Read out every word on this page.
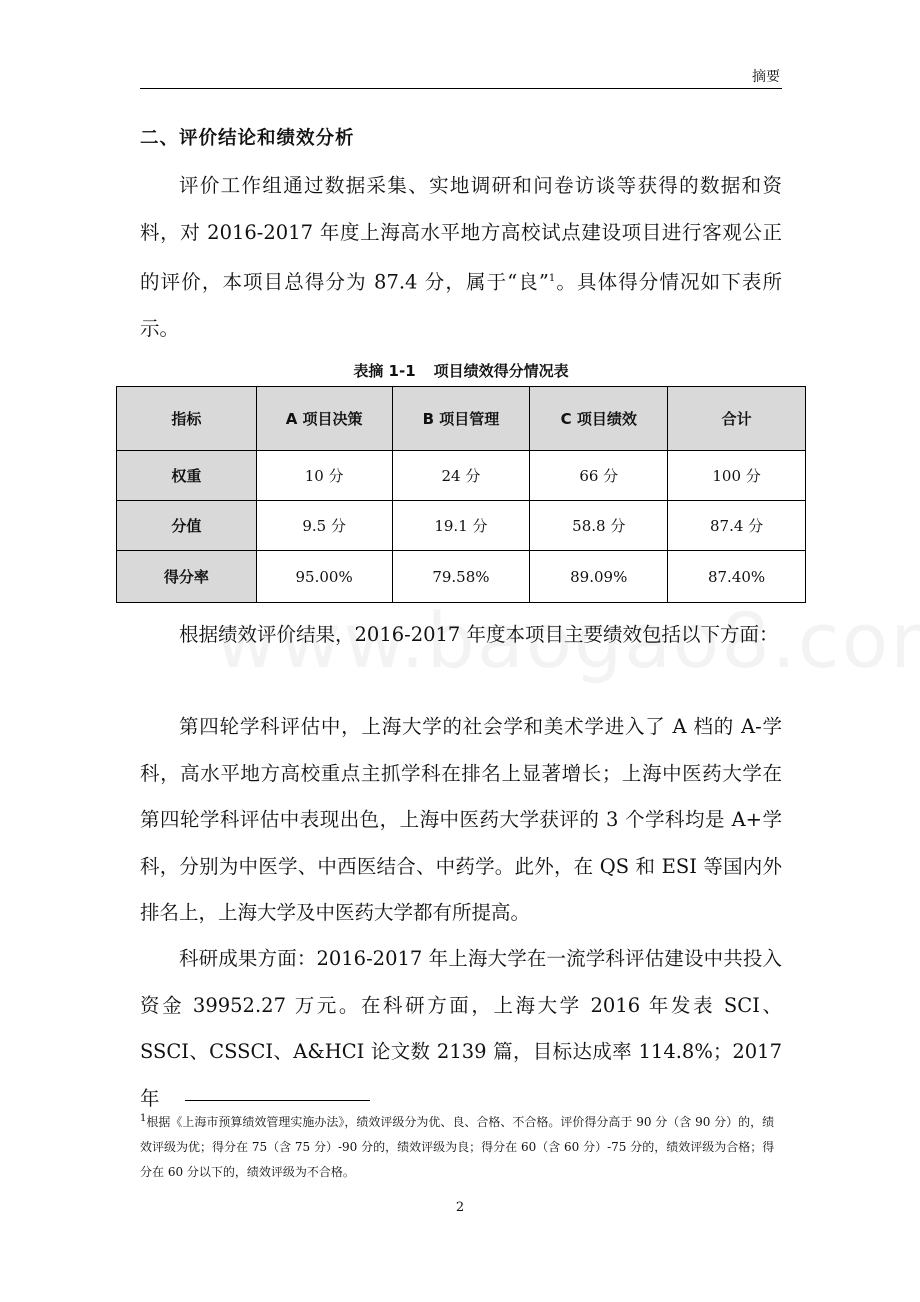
摘要
二、评价结论和绩效分析

评价工作组通过数据采集、实地调研和问卷访谈等获得的数据和资料，对 2016-2017 年度上海高水平地方高校试点建设项目进行客观公正的评价，本项目总得分为 87.4 分，属于“良”$^1$。具体得分情况如下表所示。

表摘 1-1 项目绩效得分情况表
指标	A 项目决策	B 项目管理	C 项目绩效	合计
权重	10 分	24 分	66 分	100 分
分值	9.5 分	19.1 分	58.8 分	87.4 分
得分率	95.00%	79.58%	89.09%	87.40%

根据绩效评价结果，2016-2017 年度本项目主要绩效包括以下方面：

第四轮学科评估中，上海大学的社会学和美术学进入了 A 档的 A-学科，高水平地方高校重点主抓学科在排名上显著增长；上海中医药大学在第四轮学科评估中表现出色，上海中医药大学获评的 3 个学科均是 A+学科，分别为中医学、中西医结合、中药学。此外，在 QS 和 ESI 等国内外排名上，上海大学及中医药大学都有所提高。

科研成果方面：2016-2017 年上海大学在一流学科评估建设中共投入资金 39952.27 万元。在科研方面，上海大学 2016 年发表 SCI、SSCI、CSSCI、A&HCI 论文数 2139 篇，目标达成率 114.8%；2017 年

$^1$根据《上海市预算绩效管理实施办法》，绩效评级分为优、良、合格、不合格。评价得分高于 90 分（含 90 分）的，绩效评级为优；得分在 75（含 75 分）-90 分的，绩效评级为良；得分在 60（含 60 分）-75 分的，绩效评级为合格；得分在 60 分以下的，绩效评级为不合格。

2
